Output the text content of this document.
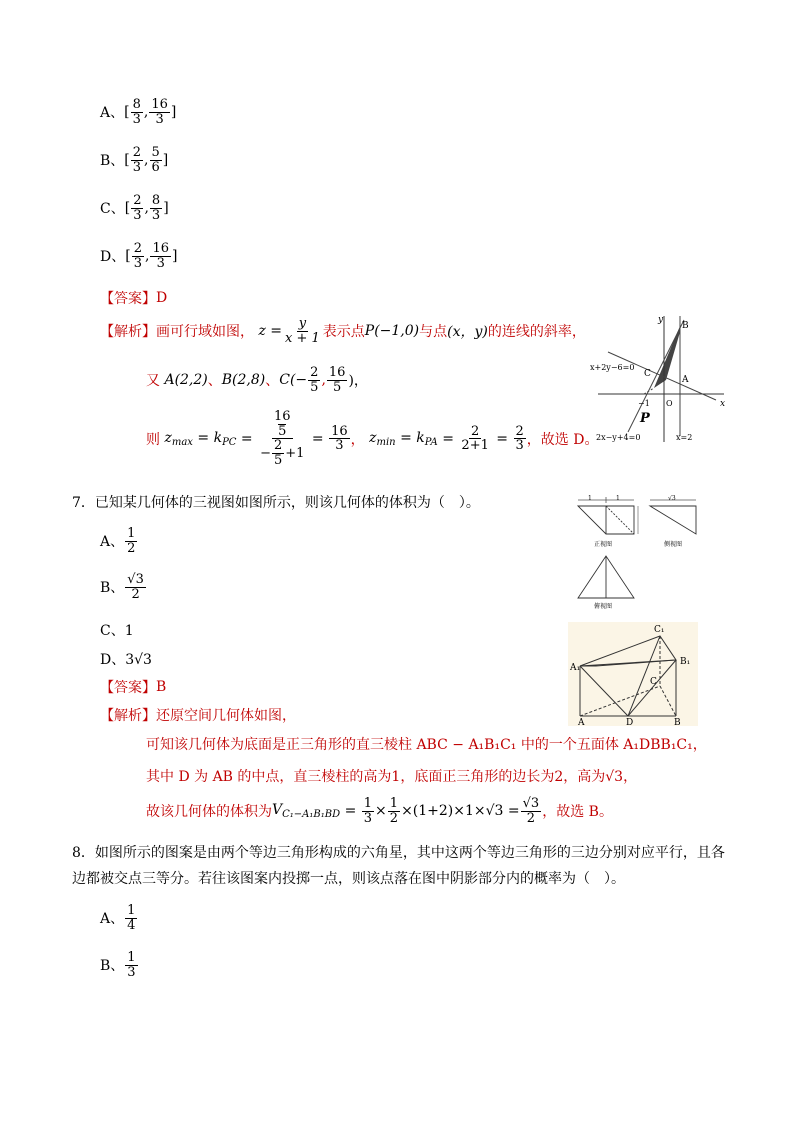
A、 [ $\frac{8}{3}$ , $\frac{16}{3}$ ]
B、 [ $\frac{2}{3}$ , $\frac{5}{6}$ ]
C、 [ $\frac{2}{3}$ , $\frac{8}{3}$ ]
D、 [ $\frac{2}{3}$ , $\frac{16}{3}$ ]
【答案】 D
【解析】 画可行域如图，
$z = \frac{y}{x + 1}$ 表示点 P(−1,0) 与点 (x，y) 的连线的斜率，
又
A(2,2) 、 B(2,8) 、 $C(- \frac{2}{5}$ , $\frac{16}{5}$ )，
则
$z_{max} = k_{PC} = 16$
5
− $\frac{2}{5} +1 = \frac{16}{3}$ ， $z_{min} = k_{PA} = \frac{2}{2+1} = \frac{2}{3}$ ，故选 D。
y
x
B
A
C
O
−1
P
x+2y−6=0
2x−y+4=0	x=2
7．已知某几何体的三视图如图所示，则该几何体的体积为（　）。
A、 $\frac{1}{2}$
B、 $\frac{√3}{2}$
C、1
D、3√3
【答案】 B
【解析】 还原空间几何体如图，
可知该几何体为底面是正三角形的直三棱柱 ABC − A₁B₁C₁ 中的一个五面体 A₁DBB₁C₁，
其中 D 为 AB 的中点，直三棱柱的高为1，底面正三角形的边长为2，高为√3，
故该几何体的体积为 $V_{C_1-A_1B_1BD} = \frac{1}{3} \times \frac{1}{2} \times(1+2)\times 1\times√3 = \frac{√3}{2}$ ，故选 B。
1	1
正视图
√3
侧视图
俯视图
C₁
A₁
B₁
C
A	D	B
8．如图所示的图案是由两个等边三角形构成的六角星，其中这两个等边三角形的三边分别对应平行，且各
边都被交点三等分。若往该图案内投掷一点，则该点落在图中阴影部分内的概率为（　）。
A、 $\frac{1}{4}$
B、 $\frac{1}{3}$
